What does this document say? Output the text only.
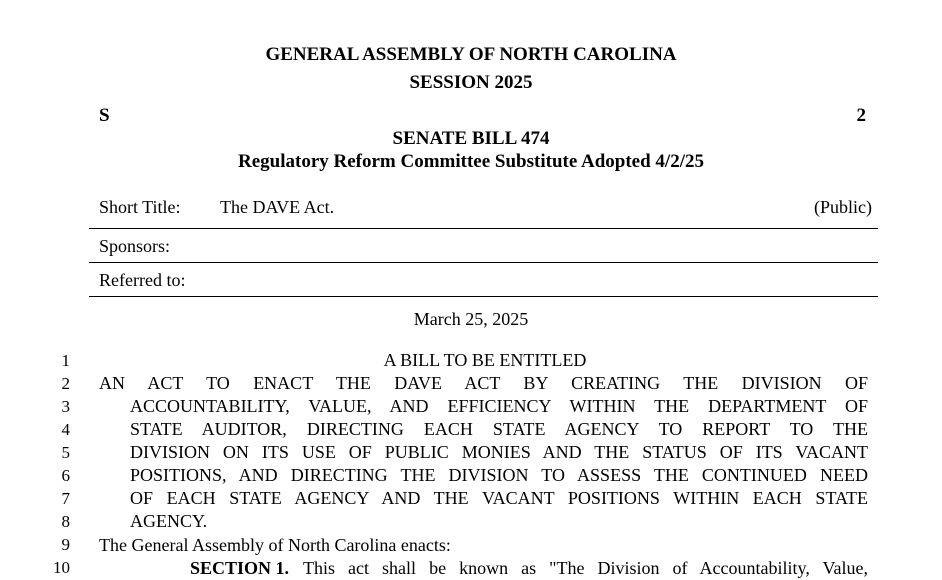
GENERAL ASSEMBLY OF NORTH CAROLINA
SESSION 2025
S	2
SENATE BILL 474
Regulatory Reform Committee Substitute Adopted 4/2/25
Short Title: The DAVE Act.	(Public)
Sponsors:
Referred to:
March 25, 2025
1
2
3
4
5
6
7
8
9
10
A BILL TO BE ENTITLED
AN ACT TO ENACT THE DAVE ACT BY CREATING THE DIVISION OF
ACCOUNTABILITY, VALUE, AND EFFICIENCY WITHIN THE DEPARTMENT OF
STATE AUDITOR, DIRECTING EACH STATE AGENCY TO REPORT TO THE
DIVISION ON ITS USE OF PUBLIC MONIES AND THE STATUS OF ITS VACANT
POSITIONS, AND DIRECTING THE DIVISION TO ASSESS THE CONTINUED NEED
OF EACH STATE AGENCY AND THE VACANT POSITIONS WITHIN EACH STATE
AGENCY.
The General Assembly of North Carolina enacts:
SECTION 1. This act shall be known as "The Division of Accountability, Value,
